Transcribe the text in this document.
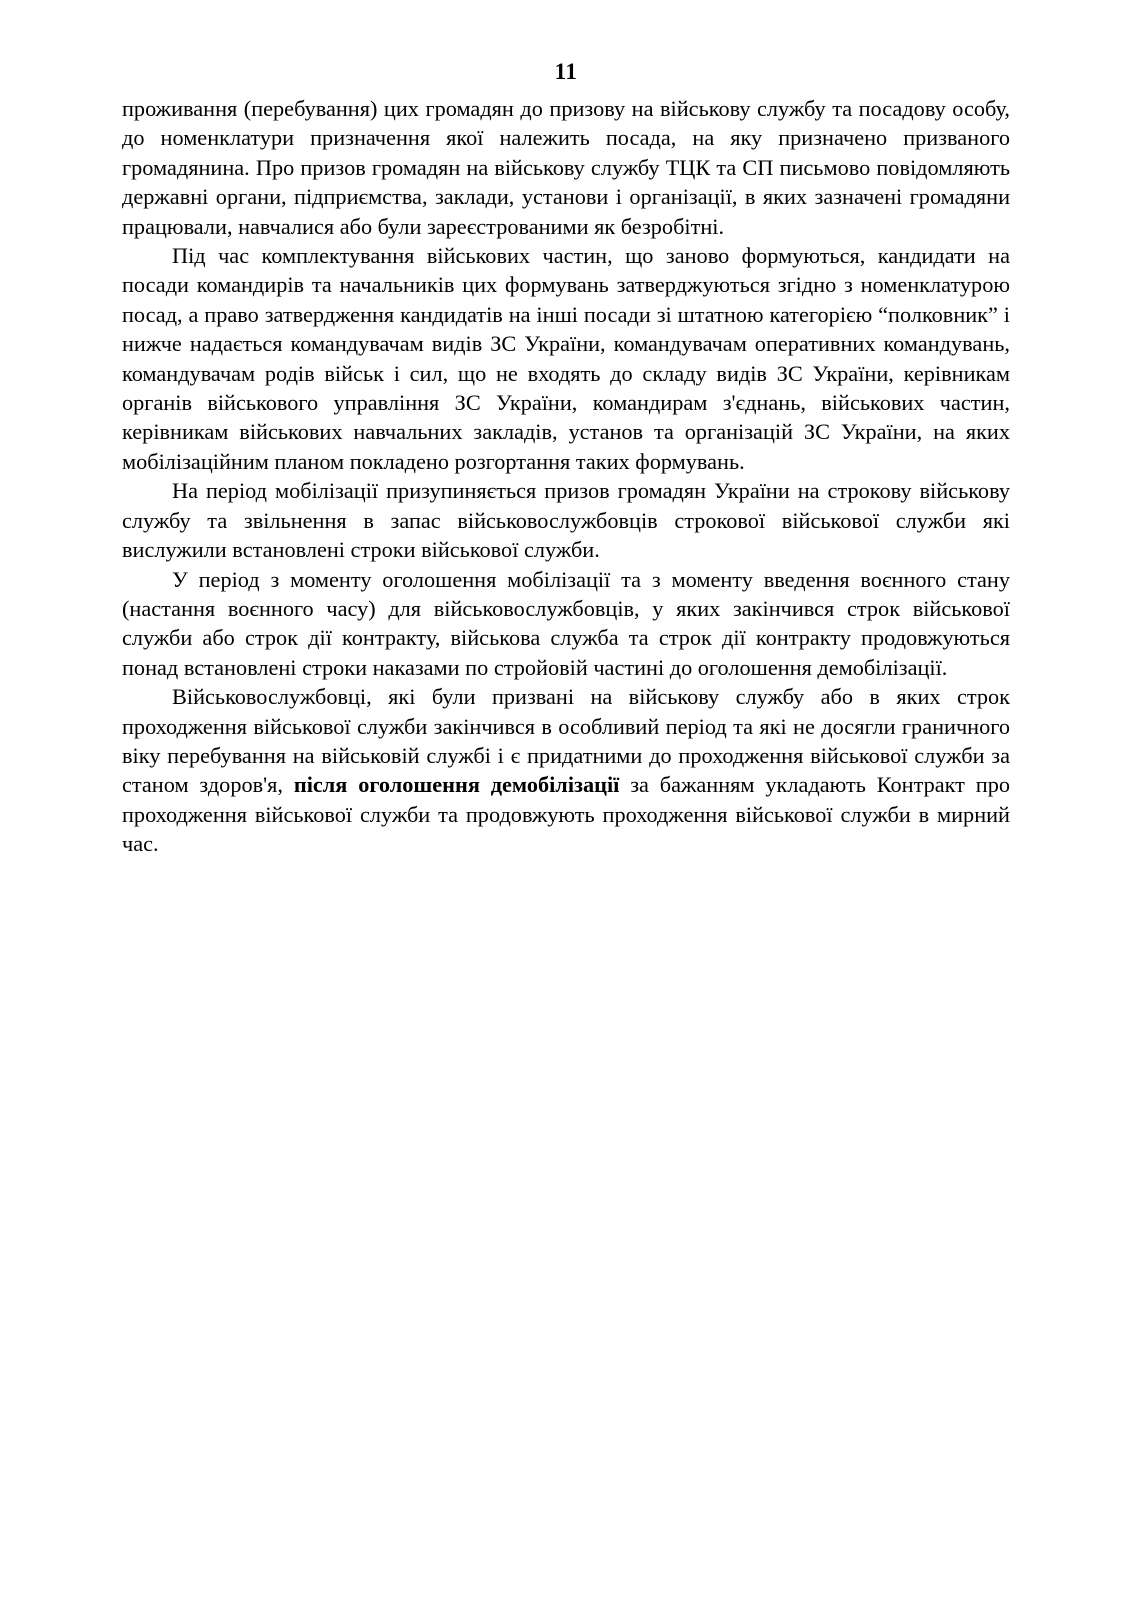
11

проживання (перебування) цих громадян до призову на військову службу та посадову особу, до номенклатури призначення якої належить посада, на яку призначено призваного громадянина. Про призов громадян на військову службу ТЦК та СП письмово повідомляють державні органи, підприємства, заклади, установи і організації, в яких зазначені громадяни працювали, навчалися або були зареєстрованими як безробітні.

Під час комплектування військових частин, що заново формуються, кандидати на посади командирів та начальників цих формувань затверджуються згідно з номенклатурою посад, а право затвердження кандидатів на інші посади зі штатною категорією “полковник” і нижче надається командувачам видів ЗС України, командувачам оперативних командувань, командувачам родів військ і сил, що не входять до складу видів ЗС України, керівникам органів військового управління ЗС України, командирам з'єднань, військових частин, керівникам військових навчальних закладів, установ та організацій ЗС України, на яких мобілізаційним планом покладено розгортання таких формувань.

На період мобілізації призупиняється призов громадян України на строкову військову службу та звільнення в запас військовослужбовців строкової військової служби які вислужили встановлені строки військової служби.

У період з моменту оголошення мобілізації та з моменту введення воєнного стану (настання воєнного часу) для військовослужбовців, у яких закінчився строк військової служби або строк дії контракту, військова служба та строк дії контракту продовжуються понад встановлені строки наказами по стройовій частині до оголошення демобілізації.

Військовослужбовці, які були призвані на військову службу або в яких строк проходження військової служби закінчився в особливий період та які не досягли граничного віку перебування на військовій службі і є придатними до проходження військової служби за станом здоров'я, після оголошення демобілізації за бажанням укладають Контракт про проходження військової служби та продовжують проходження військової служби в мирний час.
